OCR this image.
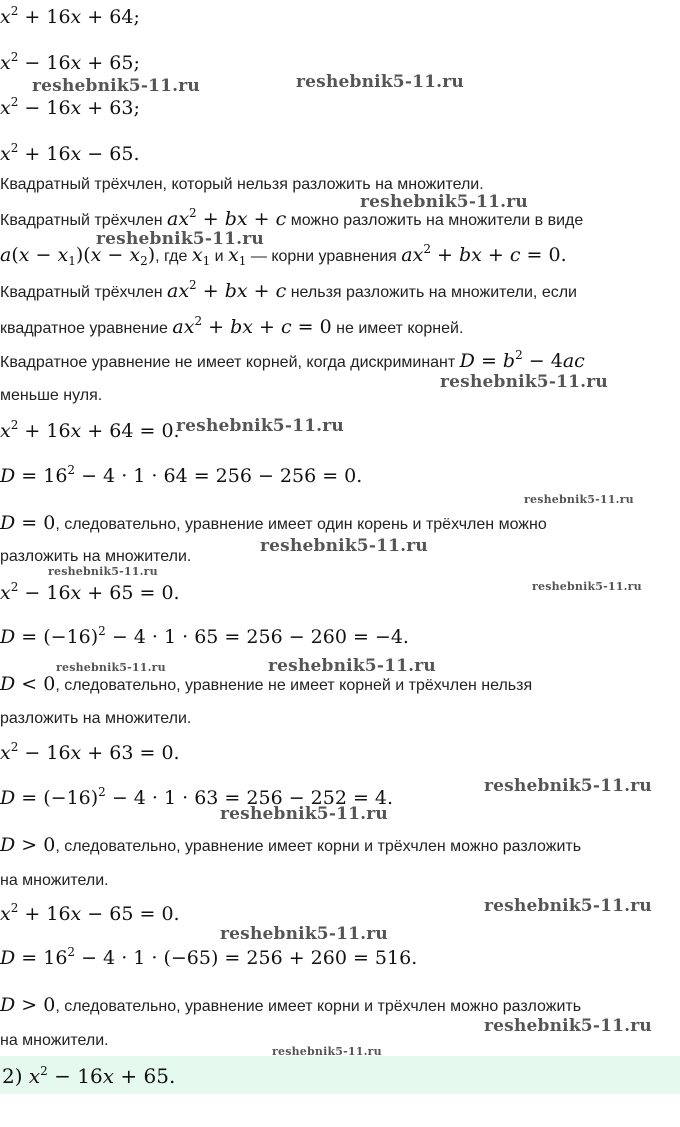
$x^2 + 16x + 64$;
$x^2 - 16x + 65$;
$x^2 - 16x + 63$;
$x^2 + 16x - 65$.
Квадратный трёхчлен, который нельзя разложить на множители.
Квадратный трёхчлен $ax^2$ + bx + c можно разложить на множители в виде
$a(x - x_1)(x - x_2)$, где $x_1$ и $x_1$ — корни уравнения $ax^2$ + bx + c = 0.
Квадратный трёхчлен $ax^2$ + bx + c нельзя разложить на множители, если
квадратное уравнение $ax^2$ + bx + c = 0 не имеет корней.
Квадратное уравнение не имеет корней, когда дискриминант $D = b^2 - 4ac$
меньше нуля.
$x^2 + 16x + 64 = 0$.
$D = 16^2 - 4 \cdot 1 \cdot 64 = 256 - 256 = 0$.
D = 0, следовательно, уравнение имеет один корень и трёхчлен можно
разложить на множители.
$x^2 - 16x + 65 = 0$.
$D = (-16)^2 - 4 \cdot 1 \cdot 65 = 256 - 260 = -4$.
D < 0, следовательно, уравнение не имеет корней и трёхчлен нельзя
разложить на множители.
$x^2 - 16x + 63 = 0$.
$D = (-16)^2 - 4 \cdot 1 \cdot 63 = 256 - 252 = 4$.
D > 0, следовательно, уравнение имеет корни и трёхчлен можно разложить
на множители.
$x^2 + 16x - 65 = 0$.
$D = 16^2 - 4 \cdot 1 \cdot (-65) = 256 + 260 = 516$.
D > 0, следовательно, уравнение имеет корни и трёхчлен можно разложить
на множители.
2) $x^2 - 16x + 65$.
reshebnik5-11.ru	reshebnik5-11.ru
reshebnik5-11.ru
reshebnik5-11.ru
reshebnik5-11.ru
reshebnik5-11.ru
reshebnik5-11.ru
reshebnik5-11.ru
reshebnik5-11.ru
reshebnik5-11.ru
reshebnik5-11.ru	reshebnik5-11.ru
reshebnik5-11.ru
reshebnik5-11.ru
reshebnik5-11.ru
reshebnik5-11.ru
reshebnik5-11.ru
reshebnik5-11.ru
